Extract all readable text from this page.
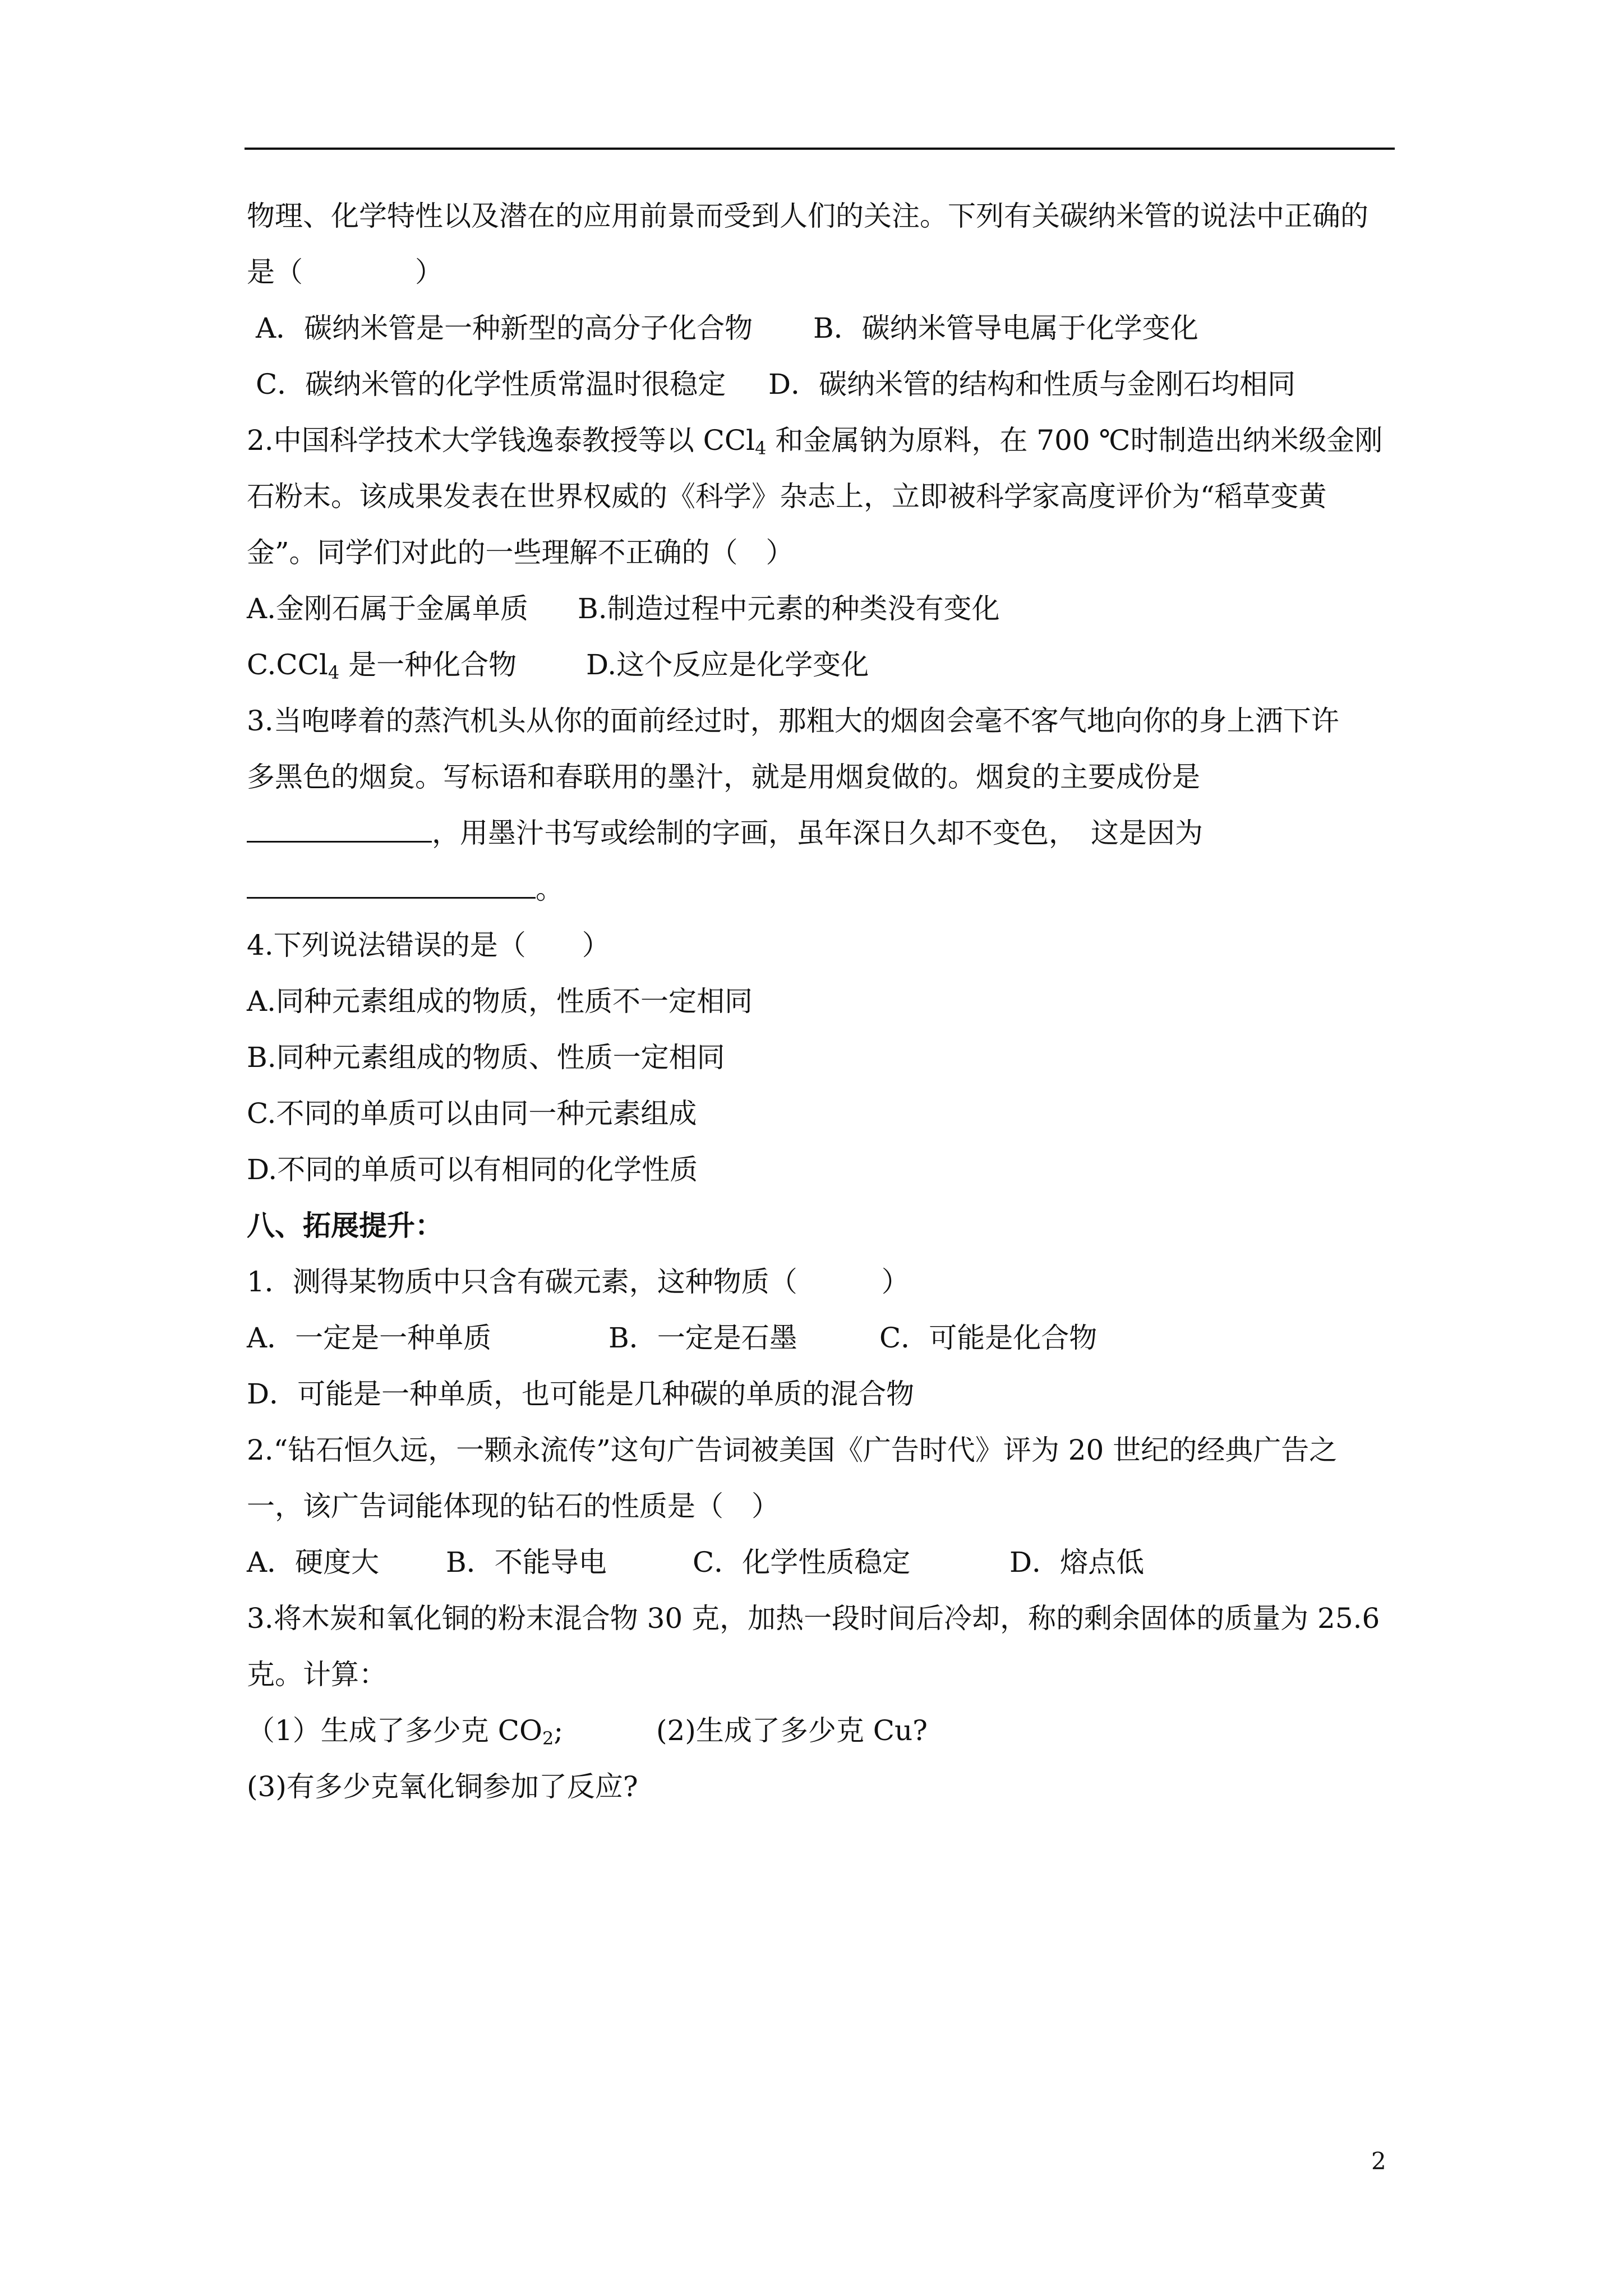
物理、化学特性以及潜在的应用前景而受到人们的关注。下列有关碳纳米管的说法中正确的
是（　　　　）
A．碳纳米管是一种新型的高分子化合物 B．碳纳米管导电属于化学变化
C．碳纳米管的化学性质常温时很稳定 D．碳纳米管的结构和性质与金刚石均相同
2.中国科学技术大学钱逸泰教授等以 CCl$_4$ 和金属钠为原料，在 700 ℃时制造出纳米级金刚
石粉末。该成果发表在世界权威的《科学》杂志上，立即被科学家高度评价为“稻草变黄
金”。同学们对此的一些理解不正确的（　）
A.金刚石属于金属单质 B.制造过程中元素的种类没有变化
C.CCl$_4$ 是一种化合物 D.这个反应是化学变化
3.当咆哮着的蒸汽机头从你的面前经过时，那粗大的烟囱会毫不客气地向你的身上洒下许
多黑色的烟炱。写标语和春联用的墨汁，就是用烟炱做的。烟炱的主要成份是
，用墨汁书写或绘制的字画，虽年深日久却不变色，　这是因为
。
4.下列说法错误的是（　　）
A.同种元素组成的物质，性质不一定相同
B.同种元素组成的物质、性质一定相同
C.不同的单质可以由同一种元素组成
D.不同的单质可以有相同的化学性质
八、拓展提升：
1．测得某物质中只含有碳元素，这种物质（　　　）
A．一定是一种单质	B．一定是石墨	C．可能是化合物
D．可能是一种单质，也可能是几种碳的单质的混合物
2.“钻石恒久远，一颗永流传”这句广告词被美国《广告时代》评为 20 世纪的经典广告之
一，该广告词能体现的钻石的性质是（　）
A．硬度大 B．不能导电	C．化学性质稳定	D．熔点低
3.将木炭和氧化铜的粉末混合物 30 克，加热一段时间后冷却，称的剩余固体的质量为 25.6
克。计算：
（1）生成了多少克 $CO_2$;	(2)生成了多少克 Cu?
(3)有多少克氧化铜参加了反应?
2
